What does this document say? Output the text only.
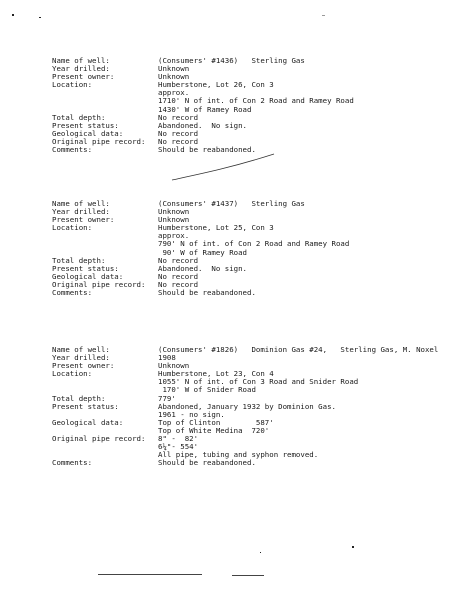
Name of well:	(Consumers' #1436)   Sterling Gas
Year drilled:	Unknown
Present owner:	Unknown
Location:	Humberstone, Lot 26, Con 3
approx.
1710' N of int. of Con 2 Road and Ramey Road
1430' W of Ramey Road
Total depth:	No record
Present status:	Abandoned.  No sign.
Geological data:	No record
Original pipe record:	No record
Comments:	Should be reabandoned.
Name of well:	(Consumers' #1437)   Sterling Gas
Year drilled:	Unknown
Present owner:	Unknown
Location:	Humberstone, Lot 25, Con 3
approx.
790' N of int. of Con 2 Road and Ramey Road
90' W of Ramey Road
Total depth:	No record
Present status:	Abandoned.  No sign.
Geological data:	No record
Original pipe record:	No record
Comments:	Should be reabandoned.
Name of well:	(Consumers' #1826)   Dominion Gas #24,   Sterling Gas, M. Noxel
Year drilled:	1908
Present owner:	Unknown
Location:	Humberstone, Lot 23, Con 4
1055' N of int. of Con 3 Road and Snider Road
170' W of Snider Road
Total depth:	779'
Present status:	Abandoned, January 1932 by Dominion Gas.
1961 - no sign.
Geological data:	Top of Clinton        587'
Top of White Medina  720'
Original pipe record:	8" -  82'
6¼"- 554'
All pipe, tubing and syphon removed.
Comments:	Should be reabandoned.
